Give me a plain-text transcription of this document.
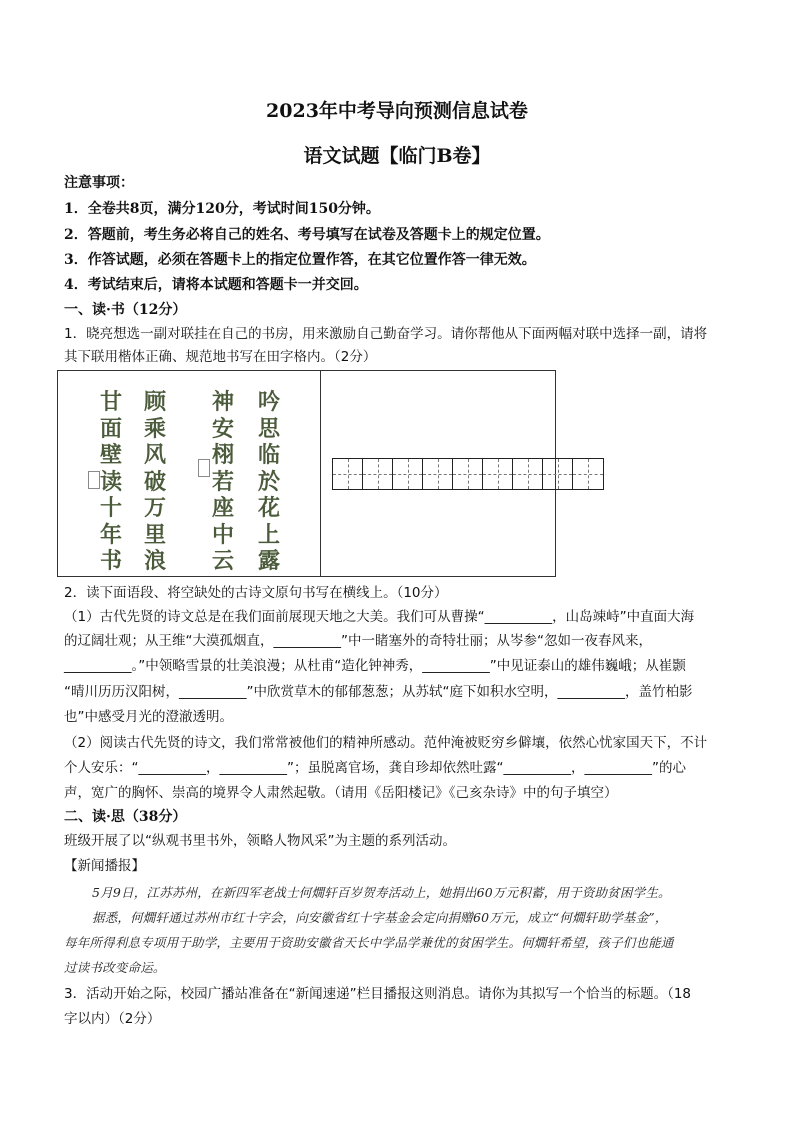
2023年中考导向预测信息试卷
语文试题【临门B卷】
注意事项：
1．全卷共8页，满分120分，考试时间150分钟。
2．答题前，考生务必将自己的姓名、考号填写在试卷及答题卡上的规定位置。
3．作答试题，必须在答题卡上的指定位置作答，在其它位置作答一律无效。
4．考试结束后，请将本试题和答题卡一并交回。
一、读·书（12分）
1．晓亮想选一副对联挂在自己的书房，用来激励自己勤奋学习。请你帮他从下面两幅对联中选择一副，请将
其下联用楷体正确、规范地书写在田字格内。（2分）
甘
面
壁
读
十
年
书
顾
乘
风
破
万
里
浪
神
安
栩
若
座
中
云
吟
思
临
於
花
上
露
2．读下面语段、将空缺处的古诗文原句书写在横线上。（10分）
（1）古代先贤的诗文总是在我们面前展现天地之大美。我们可从曹操“__________，山岛竦峙”中直面大海
的辽阔壮观；从王维“大漠孤烟直，__________”中一睹塞外的奇特壮丽；从岑参“忽如一夜春风来，
__________。”中领略雪景的壮美浪漫；从杜甫“造化钟神秀，__________”中见证泰山的雄伟巍峨；从崔颢
“晴川历历汉阳树，__________”中欣赏草木的郁郁葱葱；从苏轼“庭下如积水空明，__________，盖竹柏影
也”中感受月光的澄澈透明。
（2）阅读古代先贤的诗文，我们常常被他们的精神所感动。范仲淹被贬穷乡僻壤，依然心忧家国天下，不计
个人安乐：“__________，__________”；虽脱离官场，龚自珍却依然吐露“__________，__________”的心
声，宽广的胸怀、崇高的境界令人肃然起敬。（请用《岳阳楼记》《己亥杂诗》中的句子填空）
二、读·思（38分）
班级开展了以“纵观书里书外，领略人物风采”为主题的系列活动。
【新闻播报】
5月9日，江苏苏州，在新四军老战士何燗轩百岁贺寿活动上，她捐出60万元积蓄，用于资助贫困学生。
据悉，何燗轩通过苏州市红十字会，向安徽省红十字基金会定向捐赠60万元，成立“何燗轩助学基金”，
每年所得利息专项用于助学，主要用于资助安徽省天长中学品学兼优的贫困学生。何燗轩希望，孩子们也能通
过读书改变命运。
3．活动开始之际，校园广播站准备在“新闻速递”栏目播报这则消息。请你为其拟写一个恰当的标题。（18
字以内）（2分）
